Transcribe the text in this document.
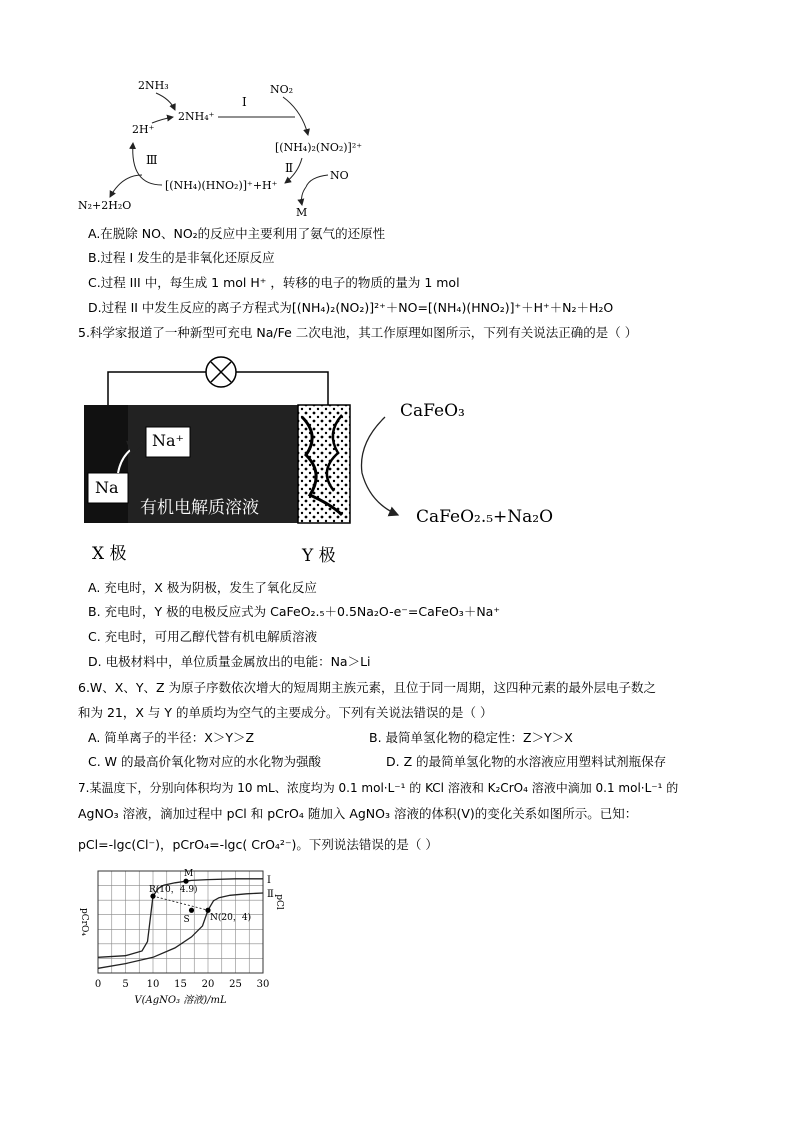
2NH₃
2NH₄⁺
NO₂
Ⅰ
2H⁺
[(NH₄)₂(NO₂)]²⁺
Ⅱ
Ⅲ
NO
[(NH₄)(HNO₂)]⁺+H⁺
M
N₂+2H₂O
A.在脱除 NO、NO₂的反应中主要利用了氨气的还原性
B.过程 I 发生的是非氧化还原反应
C.过程 III 中，每生成 1 mol H⁺ ，转移的电子的物质的量为 1 mol
D.过程 II 中发生反应的离子方程式为[(NH₄)₂(NO₂)]²⁺＋NO=[(NH₄)(HNO₂)]⁺＋H⁺＋N₂＋H₂O
5.科学家报道了一种新型可充电 Na/Fe 二次电池，其工作原理如图所示，下列有关说法正确的是（ ）
Na⁺
Na
有机电解质溶液
X 极	Y 极
CaFeO₃
CaFeO₂.₅+Na₂O
A. 充电时，X 极为阴极，发生了氧化反应
B. 充电时，Y 极的电极反应式为 CaFeO₂.₅＋0.5Na₂O-e⁻=CaFeO₃＋Na⁺
C. 充电时，可用乙醇代替有机电解质溶液
D. 电极材料中，单位质量金属放出的电能：Na＞Li
6.W、X、Y、Z 为原子序数依次增大的短周期主族元素，且位于同一周期，这四种元素的最外层电子数之
和为 21，X 与 Y 的单质均为空气的主要成分。下列有关说法错误的是（ ）
A. 简单离子的半径：X＞Y＞Z	B. 最简单氢化物的稳定性：Z＞Y＞X
C. W 的最高价氧化物对应的水化物为强酸	D. Z 的最简单氢化物的水溶液应用塑料试剂瓶保存
7.某温度下，分别向体积均为 10 mL、浓度均为 0.1 mol·L⁻¹ 的 KCl 溶液和 K₂CrO₄ 溶液中滴加 0.1 mol·L⁻¹ 的
AgNO₃ 溶液，滴加过程中 pCl 和 pCrO₄ 随加入 AgNO₃ 溶液的体积(V)的变化关系如图所示。已知：
pCl=-lgc(Cl⁻)，pCrO₄=-lgc( CrO₄²⁻)。下列说法错误的是（ ）
0 5 10 15 20 25 30
V(AgNO₃ 溶液)/mL
pCrO₄
pCl
Ⅰ
Ⅱ
M
R(10，4.9)
S N(20，4)
